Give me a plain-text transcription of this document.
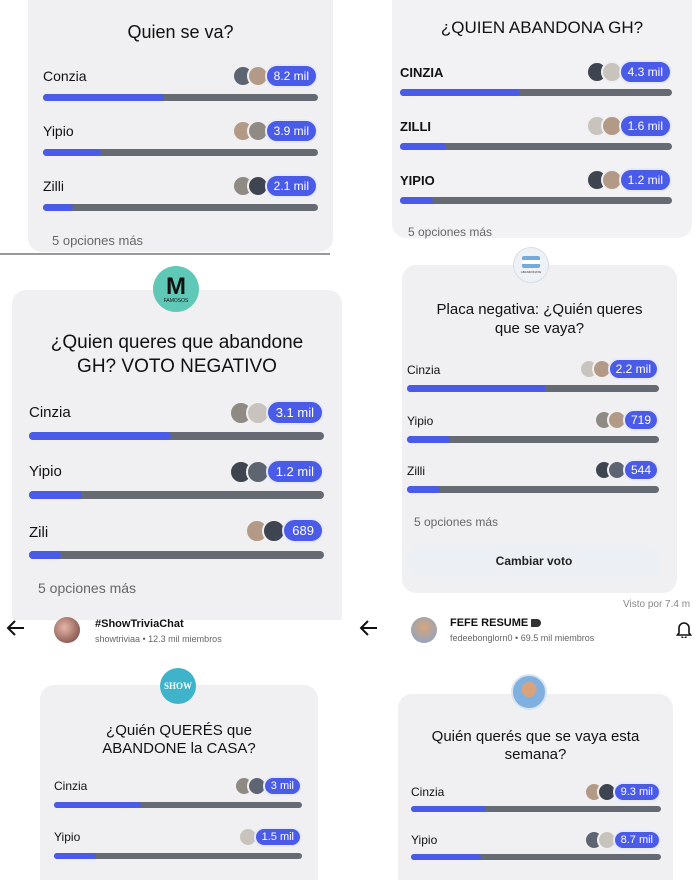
Quien se va?
Conzia	8.2 mil
Yipio	3.9 mil
Zilli	2.1 mil
5 opciones más
¿QUIEN ABANDONA GH?
CINZIA	4.3 mil
ZILLI	1.6 mil
YIPIO	1.2 mil
5 opciones más
¿Quien queres que abandone
GH? VOTO NEGATIVO
Cinzia	3.1 mil
Yipio	1.2 mil
Zili	689
5 opciones más
M
FAMOSOS
Placa negativa: ¿Quién queres
que se vaya?
Cinzia	2.2 mil
Yipio	719
Zilli	544
5 opciones más
Cambiar voto
ABANDONATE
Visto por 7.4 m
#ShowTriviaChat
showtriviaa • 12.3 mil miembros
FEFE RESUME
fedeebonglorn0 • 69.5 mil miembros
¿Quién QUERÉS que
ABANDONE la CASA?
Cinzia	3 mil
Yipio	1.5 mil
SHOW
Quién querés que se vaya esta
semana?
Cinzia	9.3 mil
Yipio	8.7 mil
